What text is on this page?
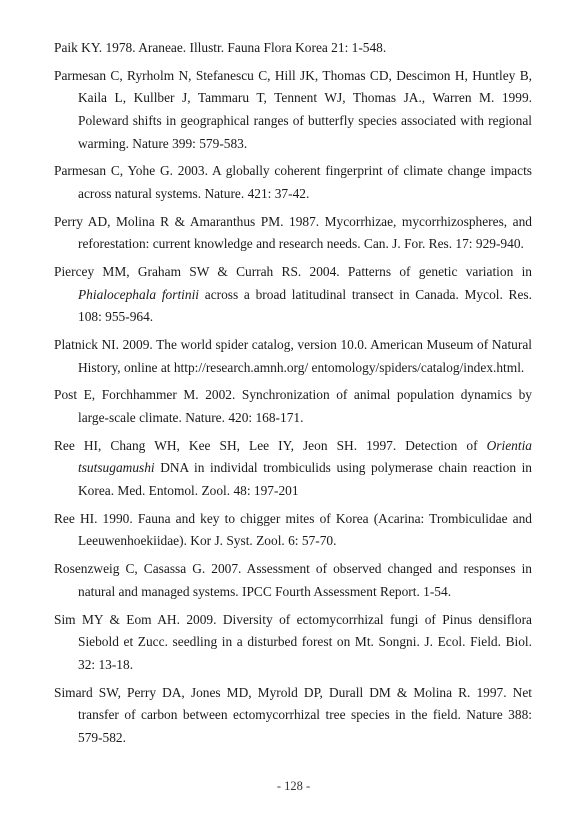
Paik KY. 1978. Araneae. Illustr. Fauna Flora Korea 21: 1-548.

Parmesan C, Ryrholm N, Stefanescu C, Hill JK, Thomas CD, Descimon H, Huntley B, Kaila L, Kullber J, Tammaru T, Tennent WJ, Thomas JA., Warren M. 1999. Poleward shifts in geographical ranges of butterfly species associated with regional warming. Nature 399: 579-583.

Parmesan C, Yohe G. 2003. A globally coherent fingerprint of climate change impacts across natural systems. Nature. 421: 37-42.

Perry AD, Molina R & Amaranthus PM. 1987. Mycorrhizae, mycorrhizospheres, and reforestation: current knowledge and research needs. Can. J. For. Res. 17: 929-940.

Piercey MM, Graham SW & Currah RS. 2004. Patterns of genetic variation in Phialocephala fortinii across a broad latitudinal transect in Canada. Mycol. Res. 108: 955-964.

Platnick NI. 2009. The world spider catalog, version 10.0. American Museum of Natural History, online at http://research.amnh.org/ entomology/spiders/catalog/index.html.

Post E, Forchhammer M. 2002. Synchronization of animal population dynamics by large-scale climate. Nature. 420: 168-171.

Ree HI, Chang WH, Kee SH, Lee IY, Jeon SH. 1997. Detection of Orientia tsutsugamushi DNA in individal trombiculids using polymerase chain reaction in Korea. Med. Entomol. Zool. 48: 197-201

Ree HI. 1990. Fauna and key to chigger mites of Korea (Acarina: Trombiculidae and Leeuwenhoekiidae). Kor J. Syst. Zool. 6: 57-70.

Rosenzweig C, Casassa G. 2007. Assessment of observed changed and responses in natural and managed systems. IPCC Fourth Assessment Report. 1-54.

Sim MY & Eom AH. 2009. Diversity of ectomycorrhizal fungi of Pinus densiflora Siebold et Zucc. seedling in a disturbed forest on Mt. Songni. J. Ecol. Field. Biol. 32: 13-18.

Simard SW, Perry DA, Jones MD, Myrold DP, Durall DM & Molina R. 1997. Net transfer of carbon between ectomycorrhizal tree species in the field. Nature 388: 579-582.

- 128 -
